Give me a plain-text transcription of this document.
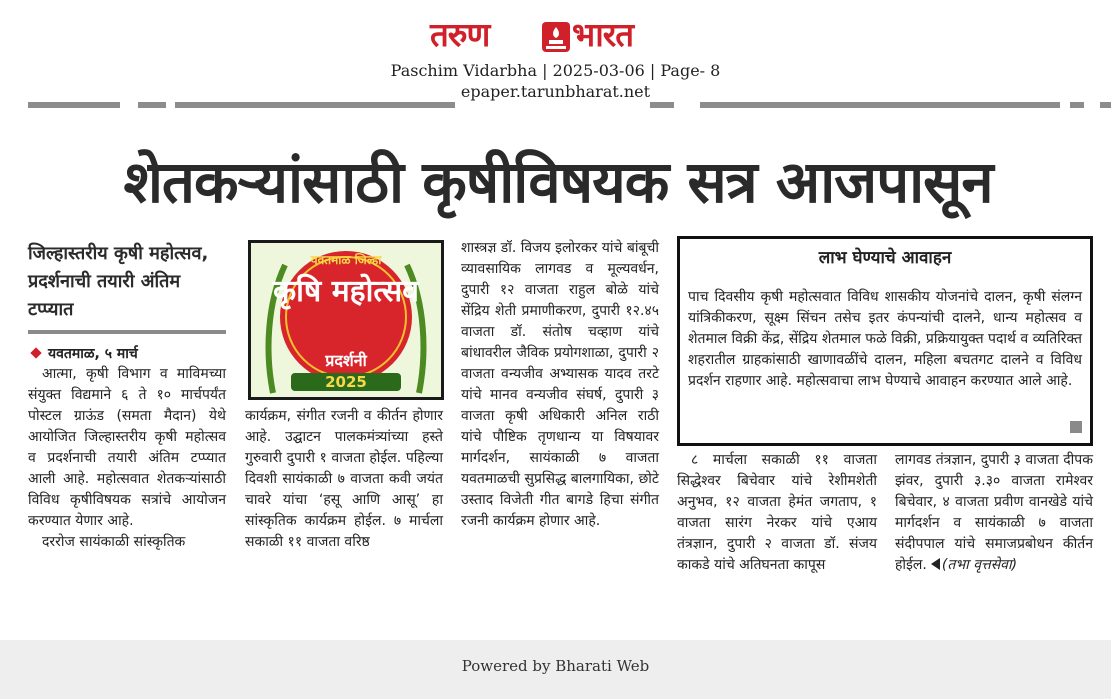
तरुण	भारत
Paschim Vidarbha | 2025-03-06 | Page- 8
epaper.tarunbharat.net
शेतकऱ्यांसाठी कृषीविषयक सत्र आजपासून
जिल्हास्तरीय कृषी महोत्सव, प्रदर्शनाची तयारी अंतिम टप्प्यात
यवतमाळ, ५ मार्च

आत्मा, कृषी विभाग व माविमच्या संयुक्त विद्यमाने ६ ते १० मार्चपर्यंत पोस्टल ग्राऊंड (समता मैदान) येथे आयोजित जिल्हास्तरीय कृषी महोत्सव व प्रदर्शनाची तयारी अंतिम टप्प्यात आली आहे. महोत्सवात शेतकऱ्यांसाठी विविध कृषीविषयक सत्रांचे आयोजन करण्यात येणार आहे.

दररोज सायंकाळी सांस्कृतिक

यवतमाळ जिल्हा
कृषि महोत्सव
प्रदर्शनी
2025

कार्यक्रम, संगीत रजनी व कीर्तन होणार आहे. उद्घाटन पालकमंत्र्यांच्या हस्ते गुरुवारी दुपारी १ वाजता होईल. पहिल्या दिवशी सायंकाळी ७ वाजता कवी जयंत चावरे यांचा ‘हसू आणि आसू’ हा सांस्कृतिक कार्यक्रम होईल. ७ मार्चला सकाळी ११ वाजता वरिष्ठ

शास्त्रज्ञ डॉ. विजय इलोरकर यांचे बांबूची व्यावसायिक लागवड व मूल्यवर्धन, दुपारी १२ वाजता राहुल बोळे यांचे सेंद्रिय शेती प्रमाणीकरण, दुपारी १२.४५ वाजता डॉ. संतोष चव्हाण यांचे बांधावरील जैविक प्रयोगशाळा, दुपारी २ वाजता वन्यजीव अभ्यासक यादव तरटे यांचे मानव वन्यजीव संघर्ष, दुपारी ३ वाजता कृषी अधिकारी अनिल राठी यांचे पौष्टिक तृणधान्य या विषयावर मार्गदर्शन, सायंकाळी ७ वाजता यवतमाळची सुप्रसिद्ध बालगायिका, छोटे उस्ताद विजेती गीत बागडे हिचा संगीत रजनी कार्यक्रम होणार आहे.

लाभ घेण्याचे आवाहन
पाच दिवसीय कृषी महोत्सवात विविध शासकीय योजनांचे दालन, कृषी संलग्न यांत्रिकीकरण, सूक्ष्म सिंचन तसेच इतर कंपन्यांची दालने, धान्य महोत्सव व शेतमाल विक्री केंद्र, सेंद्रिय शेतमाल फळे विक्री, प्रक्रियायुक्त पदार्थ व व्यतिरिक्त शहरातील ग्राहकांसाठी खाणावळींचे दालन, महिला बचतगट दालने व विविध प्रदर्शन राहणार आहे. महोत्सवाचा लाभ घेण्याचे आवाहन करण्यात आले आहे.

८ मार्चला सकाळी ११ वाजता सिद्धेश्वर बिचेवार यांचे रेशीमशेती अनुभव, १२ वाजता हेमंत जगताप, १ वाजता सारंग नेरकर यांचे एआय तंत्रज्ञान, दुपारी २ वाजता डॉ. संजय काकडे यांचे अतिघनता कापूस

लागवड तंत्रज्ञान, दुपारी ३ वाजता दीपक झंवर, दुपारी ३.३० वाजता रामेश्वर बिचेवार, ४ वाजता प्रवीण वानखेडे यांचे मार्गदर्शन व सायंकाळी ७ वाजता संदीपपाल यांचे समाजप्रबोधन कीर्तन होईल. (तभा वृत्तसेवा)

Powered by Bharati Web
